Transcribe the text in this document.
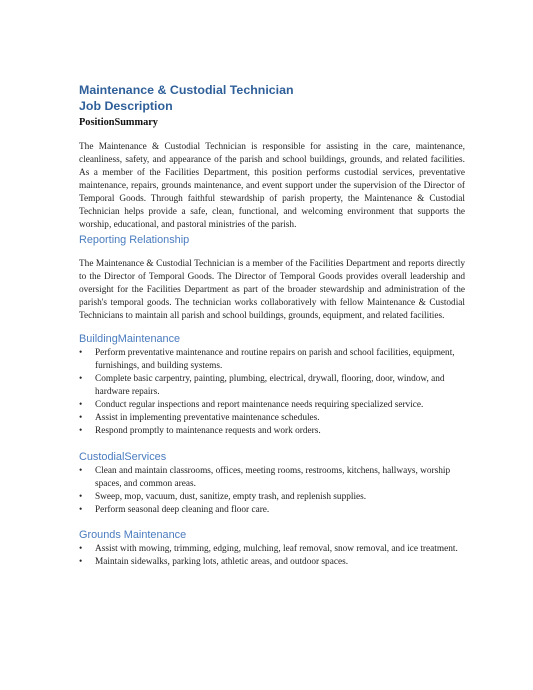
Maintenance & Custodial Technician
Job Description
PositionSummary

The Maintenance & Custodial Technician is responsible for assisting in the care, maintenance, cleanliness, safety, and appearance of the parish and school buildings, grounds, and related facilities. As a member of the Facilities Department, this position performs custodial services, preventative maintenance, repairs, grounds maintenance, and event support under the supervision of the Director of Temporal Goods. Through faithful stewardship of parish property, the Maintenance & Custodial Technician helps provide a safe, clean, functional, and welcoming environment that supports the worship, educational, and pastoral ministries of the parish.

Reporting Relationship

The Maintenance & Custodial Technician is a member of the Facilities Department and reports directly to the Director of Temporal Goods. The Director of Temporal Goods provides overall leadership and oversight for the Facilities Department as part of the broader stewardship and administration of the parish's temporal goods. The technician works collaboratively with fellow Maintenance & Custodial Technicians to maintain all parish and school buildings, grounds, equipment, and related facilities.

BuildingMaintenance
• Perform preventative maintenance and routine repairs on parish and school facilities, equipment, furnishings, and building systems.
• Complete basic carpentry, painting, plumbing, electrical, drywall, flooring, door, window, and hardware repairs.
• Conduct regular inspections and report maintenance needs requiring specialized service.
• Assist in implementing preventative maintenance schedules.
• Respond promptly to maintenance requests and work orders.
CustodialServices
• Clean and maintain classrooms, offices, meeting rooms, restrooms, kitchens, hallways, worship spaces, and common areas.
• Sweep, mop, vacuum, dust, sanitize, empty trash, and replenish supplies.
• Perform seasonal deep cleaning and floor care.
Grounds Maintenance
• Assist with mowing, trimming, edging, mulching, leaf removal, snow removal, and ice treatment.
• Maintain sidewalks, parking lots, athletic areas, and outdoor spaces.
